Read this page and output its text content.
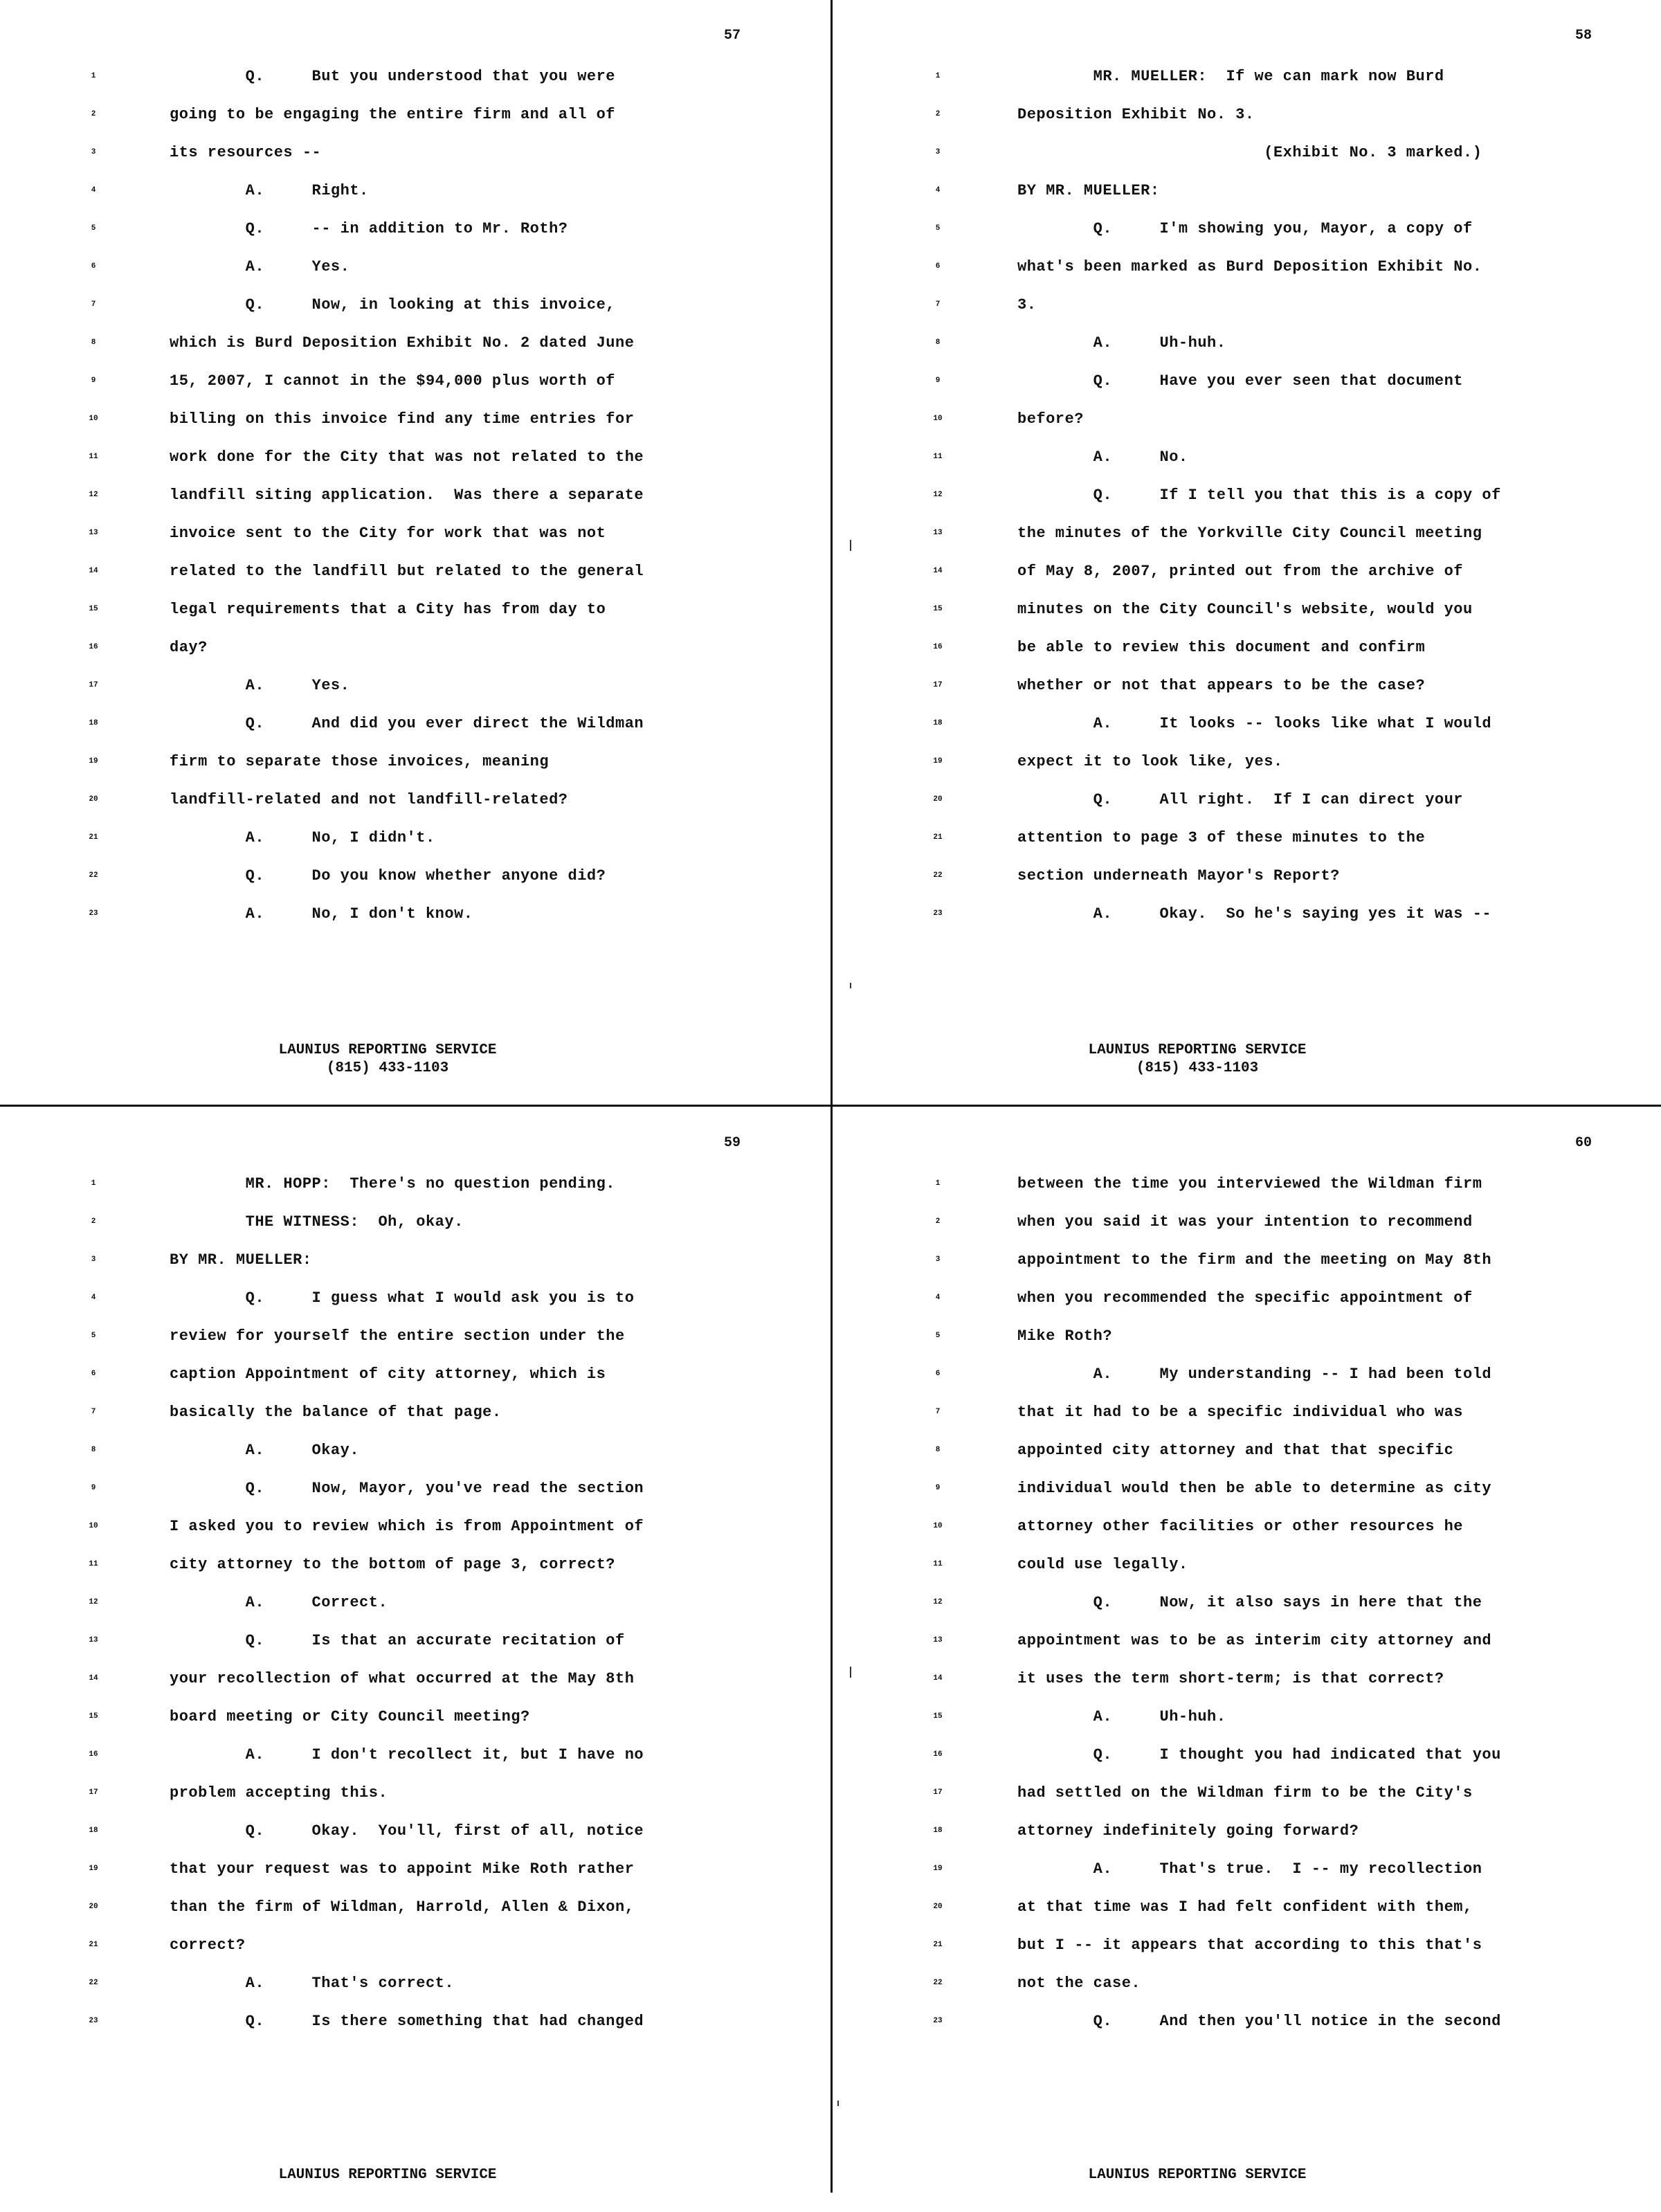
57
1	Q.     But you understood that you were
2	going to be engaging the entire firm and all of
3	its resources --
4	A.     Right.
5	Q.     -- in addition to Mr. Roth?
6	A.     Yes.
7	Q.     Now, in looking at this invoice,
8	which is Burd Deposition Exhibit No. 2 dated June
9	15, 2007, I cannot in the $94,000 plus worth of
10	billing on this invoice find any time entries for
11	work done for the City that was not related to the
12	landfill siting application.  Was there a separate
13	invoice sent to the City for work that was not
14	related to the landfill but related to the general
15	legal requirements that a City has from day to
16	day?
17	A.     Yes.
18	Q.     And did you ever direct the Wildman
19	firm to separate those invoices, meaning
20	landfill-related and not landfill-related?
21	A.     No, I didn't.
22	Q.     Do you know whether anyone did?
23	A.     No, I don't know.
LAUNIUS REPORTING SERVICE
(815) 433-1103
58
1	MR. MUELLER:  If we can mark now Burd
2	Deposition Exhibit No. 3.
3	(Exhibit No. 3 marked.)
4	BY MR. MUELLER:
5	Q.     I'm showing you, Mayor, a copy of
6	what's been marked as Burd Deposition Exhibit No.
7	3.
8	A.     Uh-huh.
9	Q.     Have you ever seen that document
10	before?
11	A.     No.
12	Q.     If I tell you that this is a copy of
13	the minutes of the Yorkville City Council meeting
14	of May 8, 2007, printed out from the archive of
15	minutes on the City Council's website, would you
16	be able to review this document and confirm
17	whether or not that appears to be the case?
18	A.     It looks -- looks like what I would
19	expect it to look like, yes.
20	Q.     All right.  If I can direct your
21	attention to page 3 of these minutes to the
22	section underneath Mayor's Report?
23	A.     Okay.  So he's saying yes it was --
LAUNIUS REPORTING SERVICE
(815) 433-1103
59
1	MR. HOPP:  There's no question pending.
2	THE WITNESS:  Oh, okay.
3	BY MR. MUELLER:
4	Q.     I guess what I would ask you is to
5	review for yourself the entire section under the
6	caption Appointment of city attorney, which is
7	basically the balance of that page.
8	A.     Okay.
9	Q.     Now, Mayor, you've read the section
10	I asked you to review which is from Appointment of
11	city attorney to the bottom of page 3, correct?
12	A.     Correct.
13	Q.     Is that an accurate recitation of
14	your recollection of what occurred at the May 8th
15	board meeting or City Council meeting?
16	A.     I don't recollect it, but I have no
17	problem accepting this.
18	Q.     Okay.  You'll, first of all, notice
19	that your request was to appoint Mike Roth rather
20	than the firm of Wildman, Harrold, Allen & Dixon,
21	correct?
22	A.     That's correct.
23	Q.     Is there something that had changed
LAUNIUS REPORTING SERVICE
60
1	between the time you interviewed the Wildman firm
2	when you said it was your intention to recommend
3	appointment to the firm and the meeting on May 8th
4	when you recommended the specific appointment of
5	Mike Roth?
6	A.     My understanding -- I had been told
7	that it had to be a specific individual who was
8	appointed city attorney and that that specific
9	individual would then be able to determine as city
10	attorney other facilities or other resources he
11	could use legally.
12	Q.     Now, it also says in here that the
13	appointment was to be as interim city attorney and
14	it uses the term short-term; is that correct?
15	A.     Uh-huh.
16	Q.     I thought you had indicated that you
17	had settled on the Wildman firm to be the City's
18	attorney indefinitely going forward?
19	A.     That's true.  I -- my recollection
20	at that time was I had felt confident with them,
21	but I -- it appears that according to this that's
22	not the case.
23	Q.     And then you'll notice in the second
LAUNIUS REPORTING SERVICE
